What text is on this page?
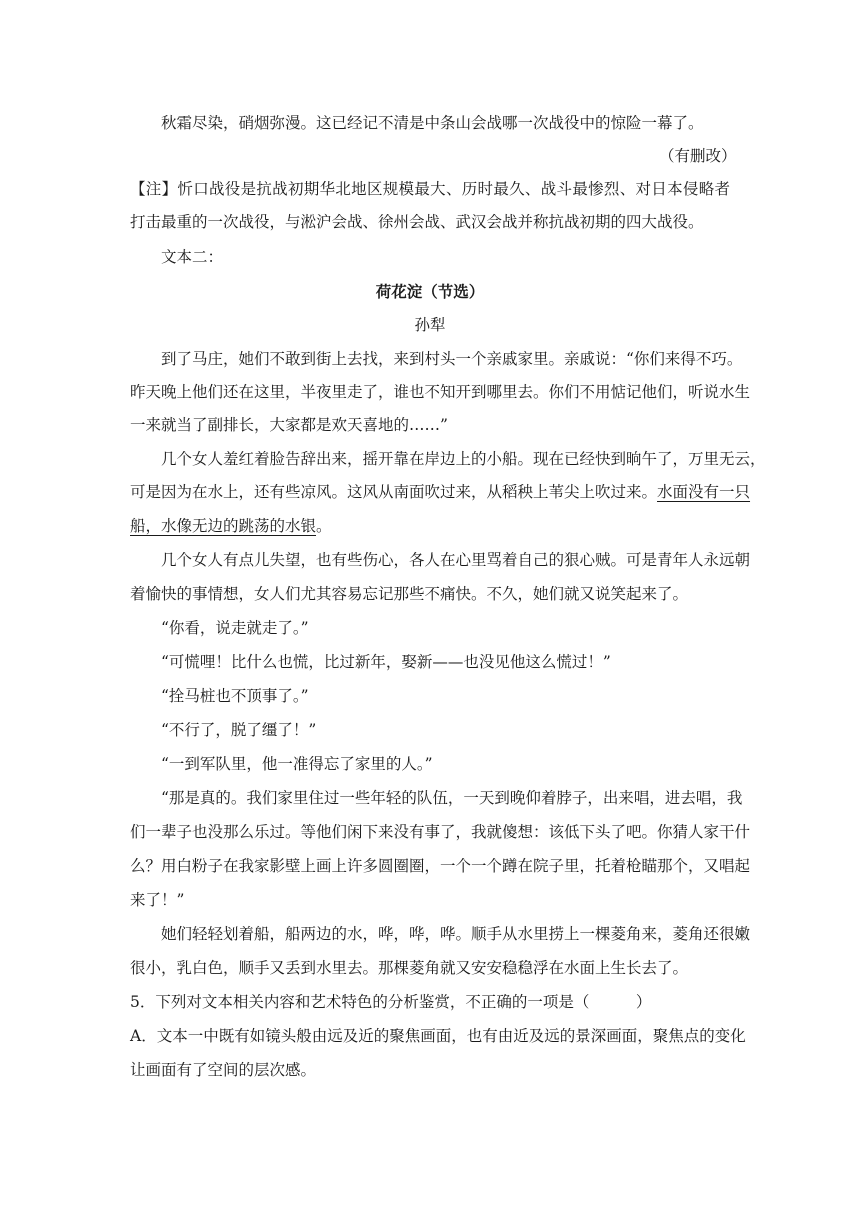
秋霜尽染，硝烟弥漫。这已经记不清是中条山会战哪一次战役中的惊险一幕了。
（有删改）
【注】忻口战役是抗战初期华北地区规模最大、历时最久、战斗最惨烈、对日本侵略者
打击最重的一次战役，与淞沪会战、徐州会战、武汉会战并称抗战初期的四大战役。
文本二：
荷花淀（节选）
孙犁
到了马庄，她们不敢到街上去找，来到村头一个亲戚家里。亲戚说：“你们来得不巧。
昨天晚上他们还在这里，半夜里走了，谁也不知开到哪里去。你们不用惦记他们，听说水生
一来就当了副排长，大家都是欢天喜地的……”
几个女人羞红着脸告辞出来，摇开靠在岸边上的小船。现在已经快到晌午了，万里无云，
可是因为在水上，还有些凉风。这风从南面吹过来，从稻秧上苇尖上吹过来。 水面没有一只
船，水像无边的跳荡的水银。
几个女人有点儿失望，也有些伤心，各人在心里骂着自己的狠心贼。可是青年人永远朝
着愉快的事情想，女人们尤其容易忘记那些不痛快。不久，她们就又说笑起来了。
“你看，说走就走了。”
“可慌哩！比什么也慌，比过新年，娶新——也没见他这么慌过！”
“拴马桩也不顶事了。”
“不行了，脱了缰了！”
“一到军队里，他一准得忘了家里的人。”
“那是真的。我们家里住过一些年轻的队伍，一天到晚仰着脖子，出来唱，进去唱，我
们一辈子也没那么乐过。等他们闲下来没有事了，我就傻想：该低下头了吧。你猜人家干什
么？用白粉子在我家影壁上画上许多圆圈圈，一个一个蹲在院子里，托着枪瞄那个，又唱起
来了！”
她们轻轻划着船，船两边的水，哗，哗，哗。顺手从水里捞上一棵菱角来，菱角还很嫩
很小，乳白色，顺手又丢到水里去。那棵菱角就又安安稳稳浮在水面上生长去了。
5．下列对文本相关内容和艺术特色的分析鉴赏，不正确的一项是（　　　）
A．文本一中既有如镜头般由远及近的聚焦画面，也有由近及远的景深画面，聚焦点的变化
让画面有了空间的层次感。
